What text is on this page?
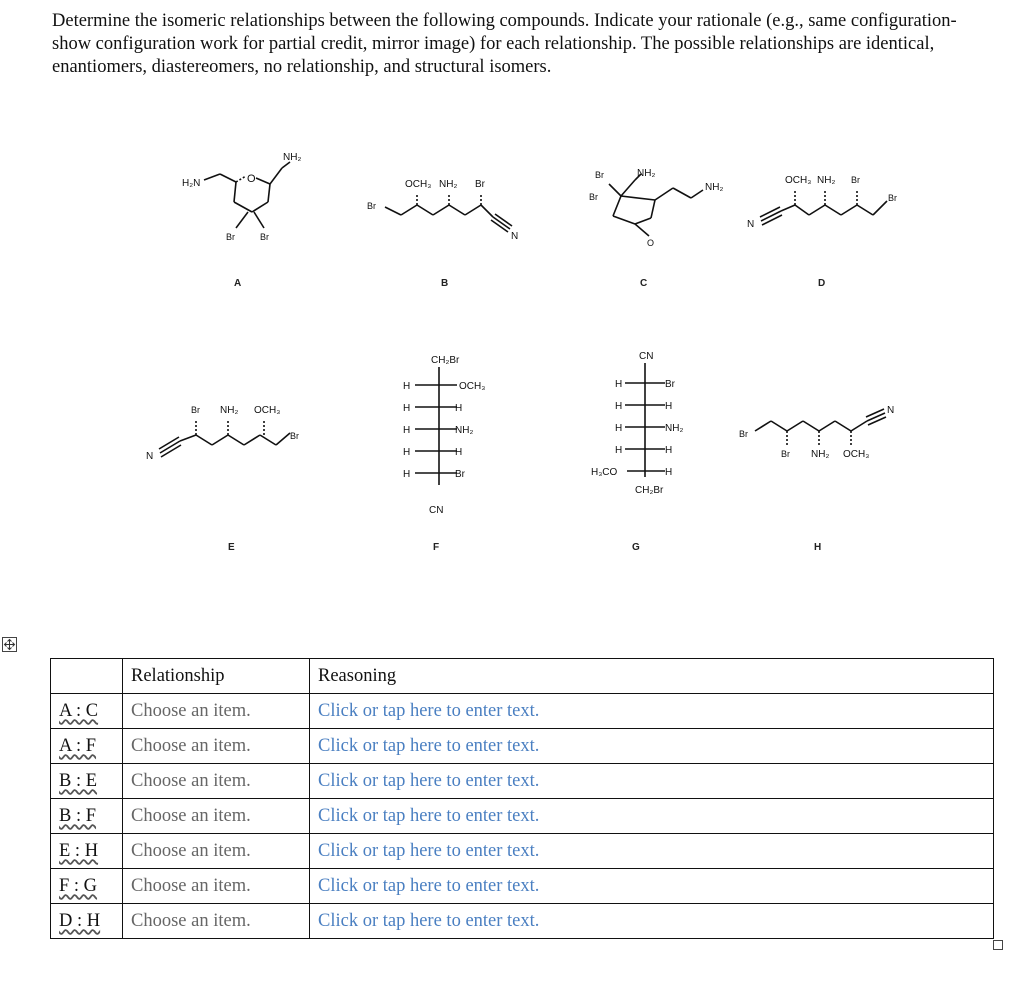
Determine the isomeric relationships between the following compounds. Indicate your rationale (e.g., same configuration- show configuration work for partial credit, mirror image) for each relationship. The possible relationships are identical, enantiomers, diastereomers, no relationship, and structural isomers.
H₂N
NH₂
O
Br	Br
A
Br
OCH₃ NH₂ Br
N
B
Br
Br
NH₂
NH₂
O
C
OCH₃ NH₂ Br
Br
N
D
Br NH₂ OCH₃
Br
N
E
CH₂Br
H	OCH₃
H	H
H	NH₂
H	H
H	Br
CN
F
CN
H	Br
H	H
H	NH₂
H	H
H₃CO	H
CH₂Br
G
Br
Br NH₂ OCH₃
N
H
	Relationship	Reasoning
A : C	Choose an item.	Click or tap here to enter text.
A : F	Choose an item.	Click or tap here to enter text.
B : E	Choose an item.	Click or tap here to enter text.
B : F	Choose an item.	Click or tap here to enter text.
E : H	Choose an item.	Click or tap here to enter text.
F : G	Choose an item.	Click or tap here to enter text.
D : H	Choose an item.	Click or tap here to enter text.
